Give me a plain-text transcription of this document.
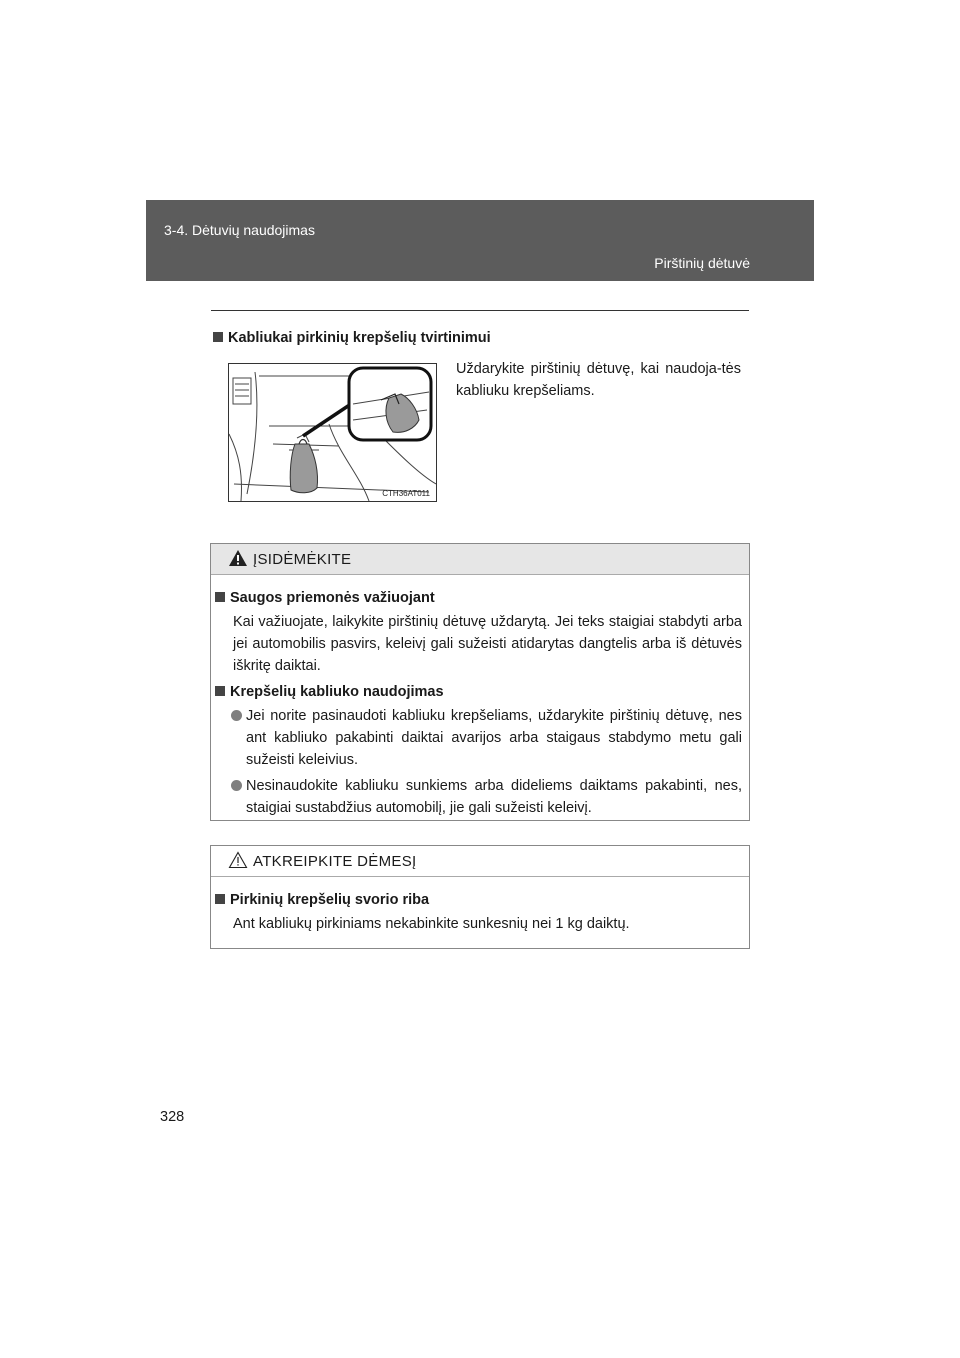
3-4. Dėtuvių naudojimas
Pirštinių dėtuvė
Kabliukai pirkinių krepšelių tvirtinimui
CTH36AT011
Uždarykite pirštinių dėtuvę, kai naudoja-tės kabliuku krepšeliams.
ĮSIDĖMĖKITE
Saugos priemonės važiuojant
Kai važiuojate, laikykite pirštinių dėtuvę uždarytą. Jei teks staigiai stabdyti arba jei automobilis pasvirs, keleivį gali sužeisti atidarytas dangtelis arba iš dėtuvės iškritę daiktai.
Krepšelių kabliuko naudojimas
Jei norite pasinaudoti kabliuku krepšeliams, uždarykite pirštinių dėtuvę, nes ant kabliuko pakabinti daiktai avarijos arba staigaus stabdymo metu gali sužeisti keleivius.
Nesinaudokite kabliuku sunkiems arba dideliems daiktams pakabinti, nes, staigiai sustabdžius automobilį, jie gali sužeisti keleivį.
ATKREIPKITE DĖMESĮ
Pirkinių krepšelių svorio riba
Ant kabliukų pirkiniams nekabinkite sunkesnių nei 1 kg daiktų.
328
